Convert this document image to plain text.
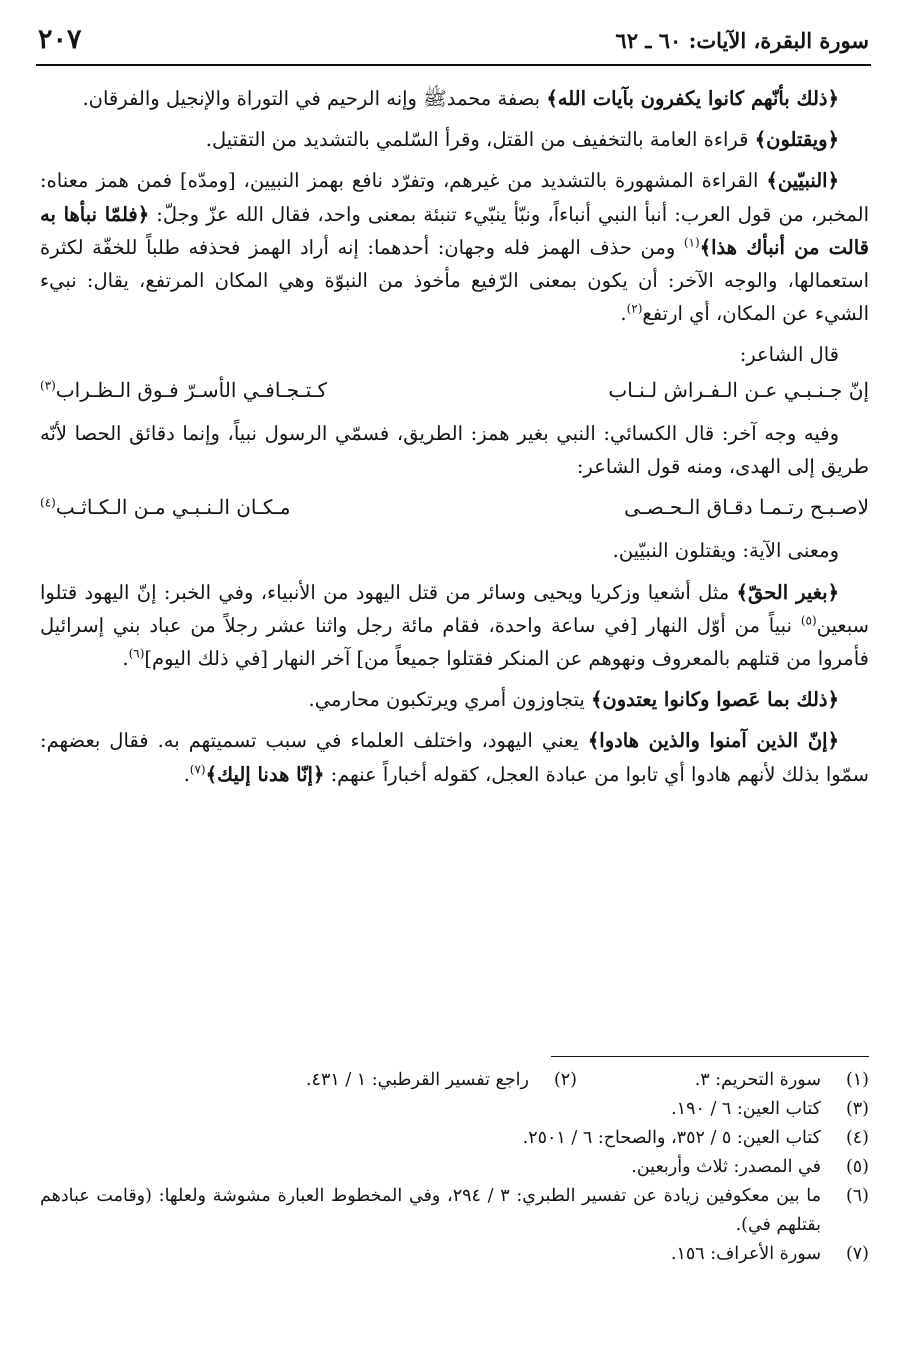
سورة البقرة، الآيات: ٦٠ ـ ٦٢
٢٠٧

﴿ذلك بأنّهم كانوا يكفرون بآيات الله﴾ بصفة محمدﷺ وإنه الرحيم في التوراة والإنجيل والفرقان.

﴿ويقتلون﴾ قراءة العامة بالتخفيف من القتل، وقرأ السّلمي بالتشديد من التقتيل.

﴿النبيّين﴾ القراءة المشهورة بالتشديد من غيرهم، وتفرّد نافع بهمز النبيين، [ومدّه] فمن همز معناه: المخبر، من قول العرب: أنبأ النبي أنباءاً، ونبّأ ينبّيء تنبئة بمعنى واحد، فقال الله عزّ وجلّ: ﴿فلمّا نبأها به قالت من أنبأك هذا﴾$^{(١)}$ ومن حذف الهمز فله وجهان: أحدهما: إنه أراد الهمز فحذفه طلباً للخفّة لكثرة استعمالها، والوجه الآخر: أن يكون بمعنى الرّفيع مأخوذ من النبوّة وهي المكان المرتفع، يقال: نبيء الشيء عن المكان، أي ارتفع$^{(٢)}$.

قال الشاعر:

إنّ جـنـبـي عـن الـفـراش لـنـاب
كـتـجـافـي الأسـرّ فـوق الـظـراب$^{(٣)}$

وفيه وجه آخر: قال الكسائي: النبي بغير همز: الطريق، فسمّي الرسول نبياً، وإنما دقائق الحصا لأنّه طريق إلى الهدى، ومنه قول الشاعر:

لاصـبـح رتـمـا دقـاق الـحـصـى
مـكـان الـنـبـي مـن الـكـاثـب$^{(٤)}$

ومعنى الآية: ويقتلون النبيّين.

﴿بغير الحقّ﴾ مثل أشعيا وزكريا ويحيى وسائر من قتل اليهود من الأنبياء، وفي الخبر: إنّ اليهود قتلوا سبعين$^{(٥)}$ نبياً من أوّل النهار [في ساعة واحدة، فقام مائة رجل واثنا عشر رجلاً من عباد بني إسرائيل فأمروا من قتلهم بالمعروف ونهوهم عن المنكر فقتلوا جميعاً من] آخر النهار [في ذلك اليوم]$^{(٦)}$.

﴿ذلك بما عَصوا وكانوا يعتدون﴾ يتجاوزون أمري ويرتكبون محارمي.

﴿إنّ الذين آمنوا والذين هادوا﴾ يعني اليهود، واختلف العلماء في سبب تسميتهم به. فقال بعضهم: سمّوا بذلك لأنهم هادوا أي تابوا من عبادة العجل، كقوله أخباراً عنهم: ﴿إنّا هدنا إليك﴾$^{(٧)}$.

(١)
سورة التحريم: ٣.
(٢)
راجع تفسير القرطبي: ١ / ٤٣١.
(٣)
كتاب العين: ٦ / ١٩٠.
(٤)
كتاب العين: ٥ / ٣٥٢، والصحاح: ٦ / ٢٥٠١.
(٥)
في المصدر: ثلاث وأربعين.
(٦)
ما بين معكوفين زيادة عن تفسير الطبري: ٣ / ٢٩٤، وفي المخطوط العبارة مشوشة ولعلها: (وقامت عبادهم بقتلهم في).
(٧)
سورة الأعراف: ١٥٦.
